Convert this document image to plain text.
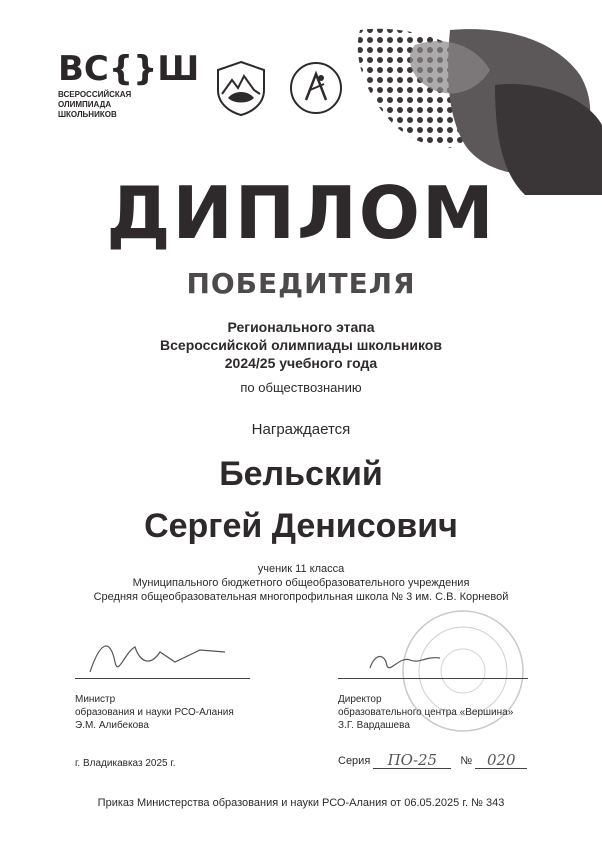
ВС{}Ш
ВСЕРОССИЙСКАЯ
ОЛИМПИАДА
ШКОЛЬНИКОВ
ДИПЛОМ
ПОБЕДИТЕЛЯ
Регионального этапа
Всероссийской олимпиады школьников
2024/25 учебного года
по обществознанию
Награждается
Бельский
Сергей Денисович
ученик 11 класса
Муниципального бюджетного общеобразовательного учреждения
Средняя общеобразовательная многопрофильная школа № 3 им. С.В. Корневой
Министр
образования и науки РСО-Алания
Э.М. Алибекова
Директор
образовательного центра «Вершина»
З.Г. Вардашева
г. Владикавказ 2025 г.	Серия ПО-25 № 020
Приказ Министерства образования и науки РСО-Алания от 06.05.2025 г. № 343
